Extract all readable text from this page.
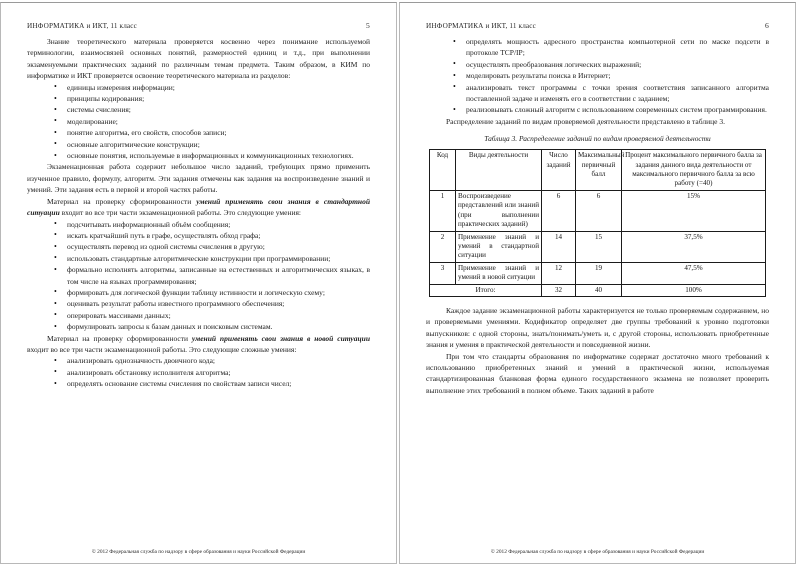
ИНФОРМАТИКА и ИКТ, 11 класс	5

Знание теоретического материала проверяется косвенно через понимание используемой терминологии, взаимосвязей основных понятий, размерностей единиц и т.д., при выполнении экзаменуемыми практических заданий по различным темам предмета. Таким образом, в КИМ по информатике и ИКТ проверяется освоение теоретического материала из разделов:

• единицы измерения информации;
• принципы кодирования;
• системы счисления;
• моделирование;
• понятие алгоритма, его свойств, способов записи;
• основные алгоритмические конструкции;
• основные понятия, используемые в информационных и коммуникационных технологиях.

Экзаменационная работа содержит небольшое число заданий, требующих прямо применить изученное правило, формулу, алгоритм. Эти задания отмечены как задания на воспроизведение знаний и умений. Эти задания есть в первой и второй частях работы.

Материал на проверку сформированности умений применять свои знания в стандартной ситуации входит во все три части экзаменационной работы. Это следующие умения:

• подсчитывать информационный объём сообщения;
• искать кратчайший путь в графе, осуществлять обход графа;
• осуществлять перевод из одной системы счисления в другую;
• использовать стандартные алгоритмические конструкции при программировании;
• формально исполнять алгоритмы, записанные на естественных и алгоритмических языках, в том числе на языках программирования;
• формировать для логической функции таблицу истинности и логическую схему;
• оценивать результат работы известного программного обеспечения;
• оперировать массивами данных;
• формулировать запросы к базам данных и поисковым системам.

Материал на проверку сформированности умений применять свои знания в новой ситуации входит во все три части экзаменационной работы. Это следующие сложные умения:

• анализировать однозначность двоичного кода;
• анализировать обстановку исполнителя алгоритма;
• определять основание системы счисления по свойствам записи чисел;
© 2012 Федеральная служба по надзору в сфере образования и науки Российской Федерации
ИНФОРМАТИКА и ИКТ, 11 класс	6
• определять мощность адресного пространства компьютерной сети по маске подсети в протоколе TCP/IP;
• осуществлять преобразования логических выражений;
• моделировать результаты поиска в Интернет;
• анализировать текст программы с точки зрения соответствия записанного алгоритма поставленной задаче и изменять его в соответствии с заданием;
• реализовывать сложный алгоритм с использованием современных систем программирования.

Распределение заданий по видам проверяемой деятельности представлено в таблице 3.

Таблица 3. Распределение заданий по видам проверяемой деятельности
Код	Виды деятельности	Число заданий	Максимальный первичный балл	Процент максимального первичного балла за задания данного вида деятельности от максимального первичного балла за всю работу (=40)
1	Воспроизведение представлений или знаний (при выполнении практических заданий)	6	6	15%
2	Применение знаний и умений в стандартной ситуации	14	15	37,5%
3	Применение знаний и умений в новой ситуации	12	19	47,5%
Итого:		32	40	100%

Каждое задание экзаменационной работы характеризуется не только проверяемым содержанием, но и проверяемыми умениями. Кодификатор определяет две группы требований к уровню подготовки выпускников: с одной стороны, знать/понимать/уметь и, с другой стороны, использовать приобретенные знания и умения в практической деятельности и повседневной жизни.

При том что стандарты образования по информатике содержат достаточно много требований к использованию приобретенных знаний и умений в практической жизни, используемая стандартизированная бланковая форма единого государственного экзамена не позволяет проверить выполнение этих требований в полном объеме. Таких заданий в работе

© 2012 Федеральная служба по надзору в сфере образования и науки Российской Федерации
